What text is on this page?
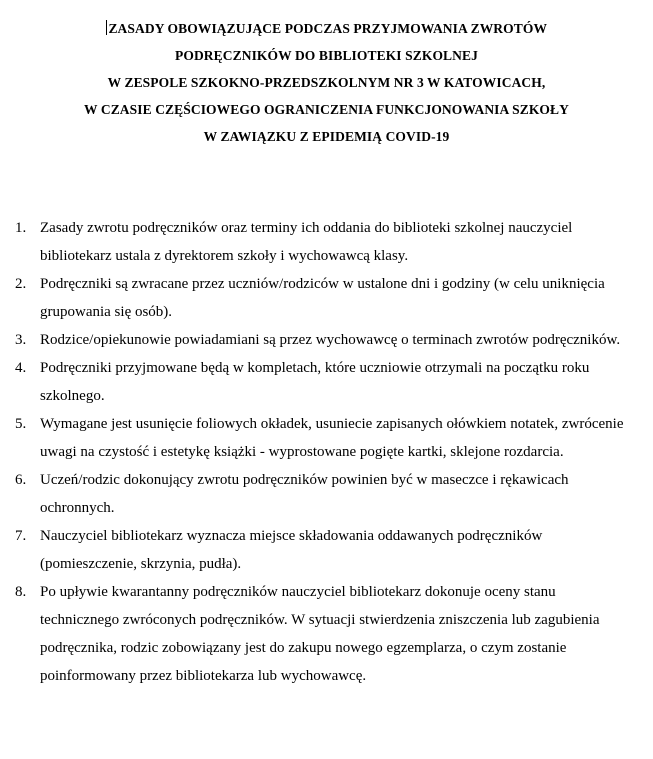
ZASADY OBOWIĄZUJĄCE PODCZAS PRZYJMOWANIA ZWROTÓW
PODRĘCZNIKÓW DO BIBLIOTEKI SZKOLNEJ
W ZESPOLE SZKOKNO-PRZEDSZKOLNYM NR 3 W KATOWICACH,
W CZASIE CZĘŚCIOWEGO OGRANICZENIA FUNKCJONOWANIA SZKOŁY
W ZAWIĄZKU Z EPIDEMIĄ COVID-19
1. Zasady zwrotu podręczników oraz terminy ich oddania do biblioteki szkolnej nauczyciel bibliotekarz ustala z dyrektorem szkoły i wychowawcą klasy.
2. Podręczniki są zwracane przez uczniów/rodziców w ustalone dni i godziny (w celu uniknięcia grupowania się osób).
3. Rodzice/opiekunowie powiadamiani są przez wychowawcę o terminach zwrotów podręczników.
4. Podręczniki przyjmowane będą w kompletach, które uczniowie otrzymali na początku roku szkolnego.
5. Wymagane jest usunięcie foliowych okładek, usuniecie zapisanych ołówkiem notatek, zwrócenie uwagi na czystość i estetykę książki - wyprostowane pogięte kartki, sklejone rozdarcia.
6. Uczeń/rodzic dokonujący zwrotu podręczników powinien być w maseczce i rękawicach ochronnych.
7. Nauczyciel bibliotekarz wyznacza miejsce składowania oddawanych podręczników (pomieszczenie, skrzynia, pudła).
8. Po upływie kwarantanny podręczników nauczyciel bibliotekarz dokonuje oceny stanu technicznego zwróconych podręczników. W sytuacji stwierdzenia zniszczenia lub zagubienia podręcznika, rodzic zobowiązany jest do zakupu nowego egzemplarza, o czym zostanie poinformowany przez bibliotekarza lub wychowawcę.
